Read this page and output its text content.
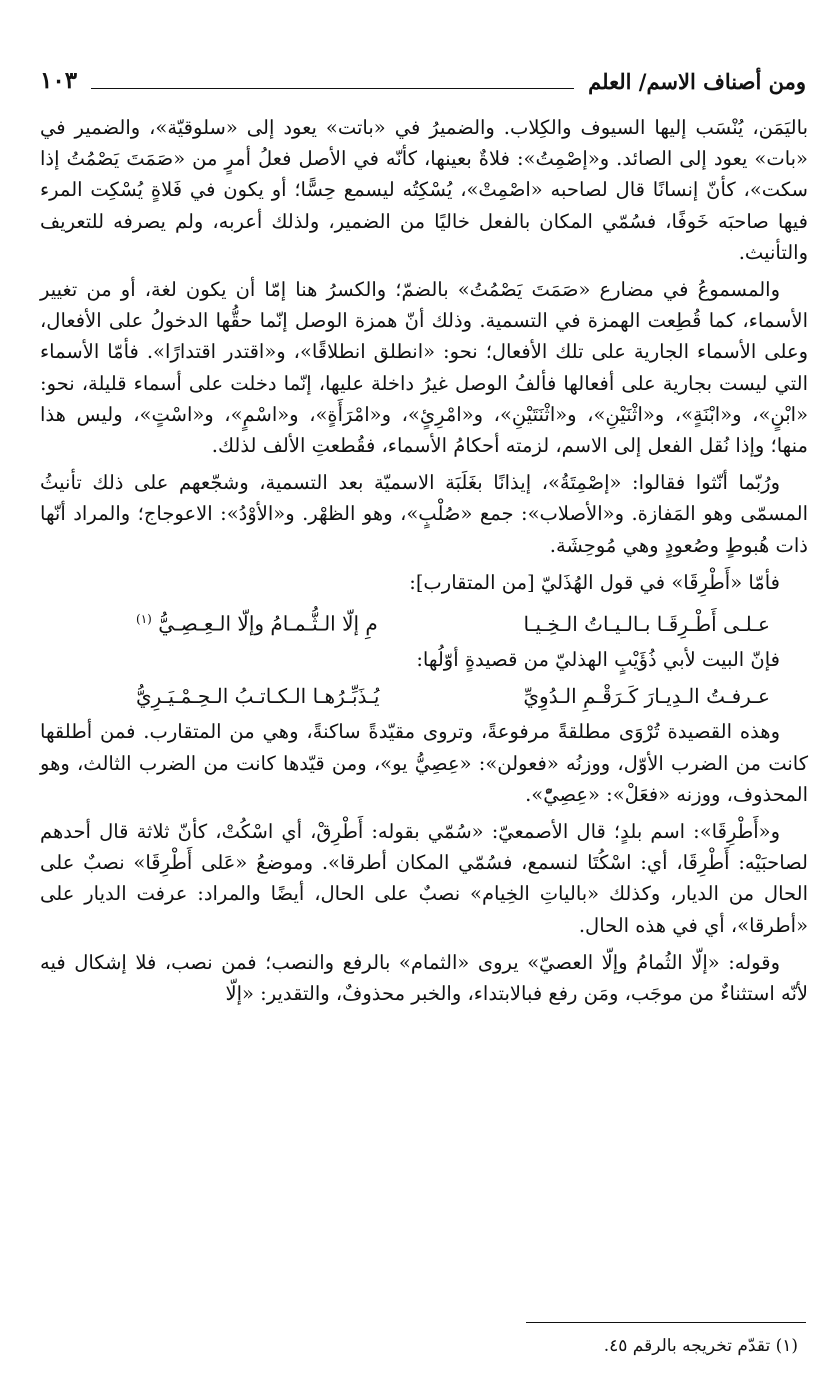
ومن أصناف الاسم/ العلم
١٠٣

باليَمَن، يُنْسَب إليها السيوف والكِلاب. والضميرُ في «باتت» يعود إلى «سلوقيّة»، والضمير في «بات» يعود إلى الصائد. و«إصْمِتُ»: فلاةٌ بعينها، كأنّه في الأصل فعلُ أمرٍ من «صَمَتَ يَصْمُتُ إذا سكت»، كأنّ إنسانًا قال لصاحبه «اصْمِتْ»، يُسْكِتُه ليسمع حِسًّا؛ أو يكون في فَلاةٍ يُسْكِت المرء فيها صاحبَه خَوفًا، فسُمّي المكان بالفعل خاليًا من الضمير، ولذلك أعربه، ولم يصرفه للتعريف والتأنيث.

والمسموعُ في مضارع «صَمَتَ يَصْمُتُ» بالضمّ؛ والكسرُ هنا إمّا أن يكون لغة، أو من تغيير الأسماء، كما قُطِعت الهمزة في التسمية. وذلك أنّ همزة الوصل إنّما حقُّها الدخولُ على الأفعال، وعلى الأسماء الجارية على تلك الأفعال؛ نحو: «انطلق انطلاقًا»، و«اقتدر اقتدارًا». فأمّا الأسماء التي ليست بجارية على أفعالها فألفُ الوصل غيرُ داخلة عليها، إنّما دخلت على أسماء قليلة، نحو: «ابْنٍ»، و«ابْنَةٍ»، و«اثْنَيْنِ»، و«اثْنَتَيْنِ»، و«امْرِئٍ»، و«امْرَأَةٍ»، و«اسْمٍ»، و«اسْتٍ»، وليس هذا منها؛ وإذا نُقل الفعل إلى الاسم، لزمته أحكامُ الأسماء، فقُطعتِ الألف لذلك.

ورُبّما أنّثوا فقالوا: «إصْمِتَةُ»، إيذانًا بغَلَبَة الاسميّة بعد التسمية، وشجّعهم على ذلك تأنيثُ المسمّى وهو المَفازة. و«الأصلاب»: جمع «صُلْبٍ»، وهو الظهْر. و«الأوْدُ»: الاعوجاج؛ والمراد أنّها ذات هُبوطٍ وصُعودٍ وهي مُوحِشَة.

فأمّا «أَطْرِقَا» في قول الهُذَليّ [من المتقارب]:

عـلـى أَطْـرِقَـا بـالـيـاتُ الـخِـيـا
مِ إلّا الـثُّـمـامُ وإلّا الـعِـصِـيُّ $^{(١)}$

فإنّ البيت لأبي ذُؤَيْبٍ الهذليّ من قصيدةٍ أوّلُها:

عـرفـتُ الـدِيـارَ كَـرَقْـمِ الـدُوِيِّ
يُـذَبِّـرُهـا الـكـاتـبُ الـحِـمْـيَـرِيُّ

وهذه القصيدة تُرْوَى مطلقةً مرفوعةً، وتروى مقيّدةً ساكنةً، وهي من المتقارب. فمن أطلقها كانت من الضرب الأوّل، ووزنُه «فعولن»: «عِصِيُّ يو»، ومن قيّدها كانت من الضرب الثالث، وهو المحذوف، ووزنه «فعَلْ»: «عِصِيّْ».

و«أَطْرِقَا»: اسم بلدٍ؛ قال الأصمعيّ: «سُمّي بقوله: أَطْرِقْ، أي اسْكُتْ، كأنّ ثلاثة قال أحدهم لصاحبَيْه: أَطْرِقَا، أي: اسْكُتَا لنسمع، فسُمّي المكان أطرقا». وموضعُ «عَلى أَطْرِقَا» نصبٌ على الحال من الديار، وكذلك «بالياتِ الخِيام» نصبٌ على الحال، أيضًا والمراد: عرفت الديار على «أطرقا»، أي في هذه الحال.

وقوله: «إلّا الثُمامُ وإلّا العصيّ» يروى «الثمام» بالرفع والنصب؛ فمن نصب، فلا إشكال فيه لأنّه استثناءٌ من موجَب، ومَن رفع فبالابتداء، والخبر محذوفٌ، والتقدير: «إلّا

(١) تقدّم تخريجه بالرقم ٤٥.
